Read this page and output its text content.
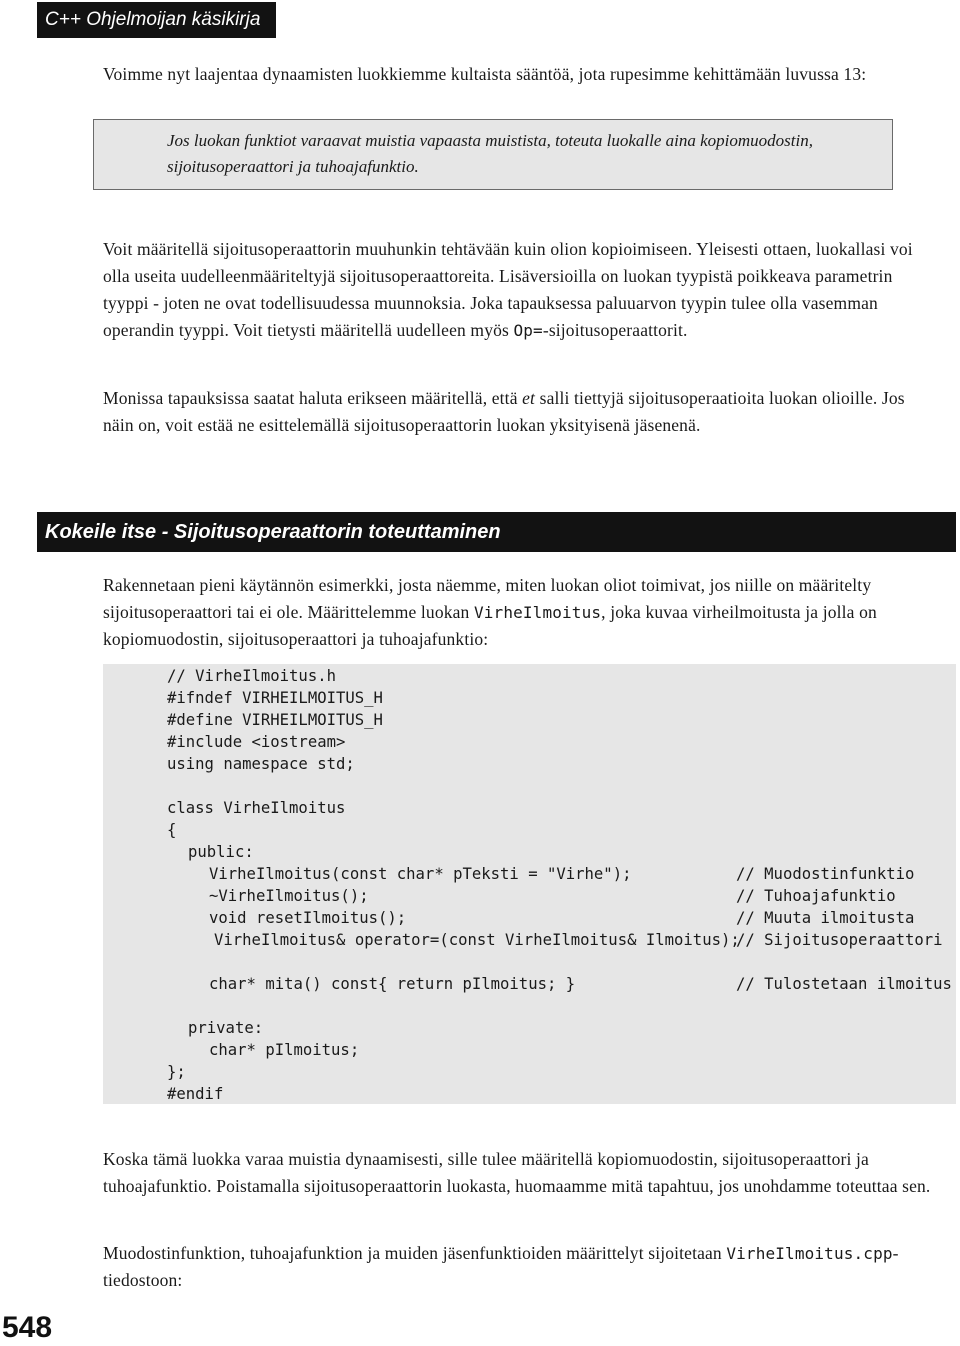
C++ Ohjelmoijan käsikirja

Voimme nyt laajentaa dynaamisten luokkiemme kultaista sääntöä, jota rupesimme kehittämään luvussa 13:

Jos luokan funktiot varaavat muistia vapaasta muistista, toteuta luokalle aina kopiomuodostin, sijoitusoperaattori ja tuhoajafunktio.

Voit määritellä sijoitusoperaattorin muuhunkin tehtävään kuin olion kopioimiseen. Yleisesti ottaen, luokallasi voi olla useita uudelleenmääriteltyjä sijoitusoperaattoreita. Lisäversioilla on luokan tyypistä poikkeava parametrin tyyppi - joten ne ovat todellisuudessa muunnoksia. Joka tapauksessa paluuarvon tyypin tulee olla vasemman operandin tyyppi. Voit tietysti määritellä uudelleen myös Op=-sijoitusoperaattorit.

Monissa tapauksissa saatat haluta erikseen määritellä, että et salli tiettyjä sijoitusoperaatioita luokan olioille. Jos näin on, voit estää ne esittelemällä sijoitusoperaattorin luokan yksityisenä jäsenenä.

Kokeile itse - Sijoitusoperaattorin toteuttaminen

Rakennetaan pieni käytännön esimerkki, josta näemme, miten luokan oliot toimivat, jos niille on määritelty sijoitusoperaattori tai ei ole. Määrittelemme luokan VirheIlmoitus, joka kuvaa virheilmoitusta ja jolla on kopiomuodostin, sijoitusoperaattori ja tuhoajafunktio:

// VirheIlmoitus.h
#ifndef VIRHEILMOITUS_H
#define VIRHEILMOITUS_H
#include <iostream>
using namespace std;
class VirheIlmoitus
{
public:
VirheIlmoitus(const char* pTeksti = "Virhe");
~VirheIlmoitus();
void resetIlmoitus();
VirheIlmoitus& operator=(const VirheIlmoitus& Ilmoitus);
char* mita() const{ return pIlmoitus; }
private:
char* pIlmoitus;
};
#endif
// Muodostinfunktio
// Tuhoajafunktio
// Muuta ilmoitusta
// Sijoitusoperaattori
// Tulostetaan ilmoitus

Koska tämä luokka varaa muistia dynaamisesti, sille tulee määritellä kopiomuodostin, sijoitusoperaattori ja tuhoajafunktio. Poistamalla sijoitusoperaattorin luokasta, huomaamme mitä tapahtuu, jos unohdamme toteuttaa sen.

Muodostinfunktion, tuhoajafunktion ja muiden jäsenfunktioiden määrittelyt sijoitetaan VirheIlmoitus.cpp-tiedostoon:

548
